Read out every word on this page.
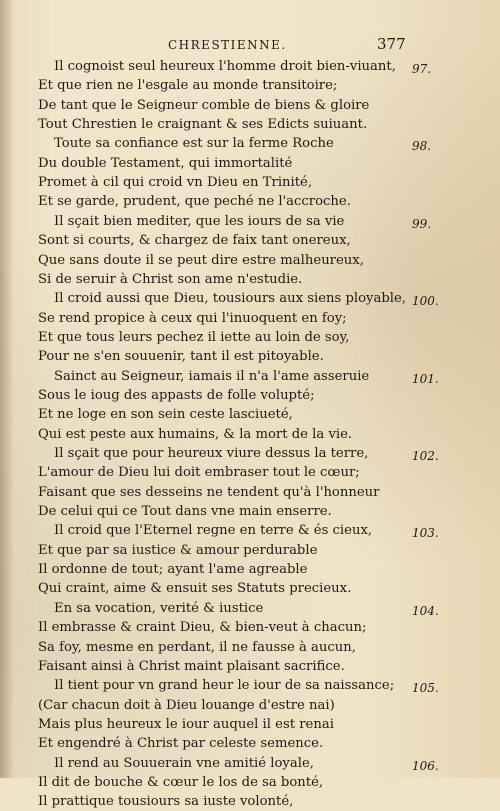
CHRESTIENNE.	377
Il cognoist seul heureux l'homme droit bien-viuant, 97.
Et que rien ne l'esgale au monde transitoire;
De tant que le Seigneur comble de biens & gloire
Tout Chrestien le craignant & ses Edicts suiuant.
Toute sa confiance est sur la ferme Roche	98.
Du double Testament, qui immortalité
Promet à cil qui croid vn Dieu en Trinité,
Et se garde, prudent, que peché ne l'accroche.
Il sçait bien mediter, que les iours de sa vie	99.
Sont si courts, & chargez de faix tant onereux,
Que sans doute il se peut dire estre malheureux,
Si de seruir à Christ son ame n'estudie.
Il croid aussi que Dieu, tousiours aux siens ployable, 100.
Se rend propice à ceux qui l'inuoquent en foy;
Et que tous leurs pechez il iette au loin de soy,
Pour ne s'en souuenir, tant il est pitoyable.
Sainct au Seigneur, iamais il n'a l'ame asseruie	101.
Sous le ioug des appasts de folle volupté;
Et ne loge en son sein ceste lasciueté,
Qui est peste aux humains, & la mort de la vie.
Il sçait que pour heureux viure dessus la terre,	102.
L'amour de Dieu lui doit embraser tout le cœur;
Faisant que ses desseins ne tendent qu'à l'honneur
De celui qui ce Tout dans vne main enserre.
Il croid que l'Eternel regne en terre & és cieux,	103.
Et que par sa iustice & amour perdurable
Il ordonne de tout; ayant l'ame agreable
Qui craint, aime & ensuit ses Statuts precieux.
En sa vocation, verité & iustice	104.
Il embrasse & craint Dieu, & bien-veut à chacun;
Sa foy, mesme en perdant, il ne fausse à aucun,
Faisant ainsi à Christ maint plaisant sacrifice.
Il tient pour vn grand heur le iour de sa naissance; 105.
(Car chacun doit à Dieu louange d'estre nai)
Mais plus heureux le iour auquel il est renai
Et engendré à Christ par celeste semence.
Il rend au Souuerain vne amitié loyale,	106.
Il dit de bouche & cœur le los de sa bonté,
Il prattique tousiours sa iuste volonté,
